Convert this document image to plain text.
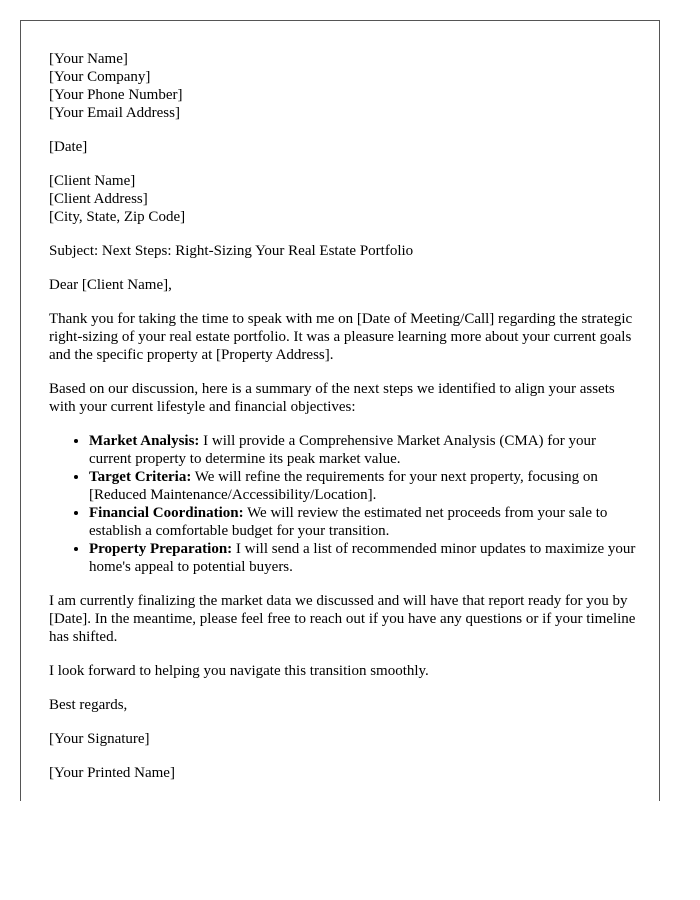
[Your Name]
[Your Company]
[Your Phone Number]
[Your Email Address]
[Date]
[Client Name]
[Client Address]
[City, State, Zip Code]

Subject: Next Steps: Right-Sizing Your Real Estate Portfolio

Dear [Client Name],

Thank you for taking the time to speak with me on [Date of Meeting/Call] regarding the strategic right-sizing of your real estate portfolio. It was a pleasure learning more about your current goals and the specific property at [Property Address].

Based on our discussion, here is a summary of the next steps we identified to align your assets with your current lifestyle and financial objectives:

• Market Analysis: I will provide a Comprehensive Market Analysis (CMA) for your current property to determine its peak market value.
• Target Criteria: We will refine the requirements for your next property, focusing on [Reduced Maintenance/Accessibility/Location].
• Financial Coordination: We will review the estimated net proceeds from your sale to establish a comfortable budget for your transition.
• Property Preparation: I will send a list of recommended minor updates to maximize your home's appeal to potential buyers.

I am currently finalizing the market data we discussed and will have that report ready for you by [Date]. In the meantime, please feel free to reach out if you have any questions or if your timeline has shifted.

I look forward to helping you navigate this transition smoothly.

Best regards,

[Your Signature]

[Your Printed Name]
